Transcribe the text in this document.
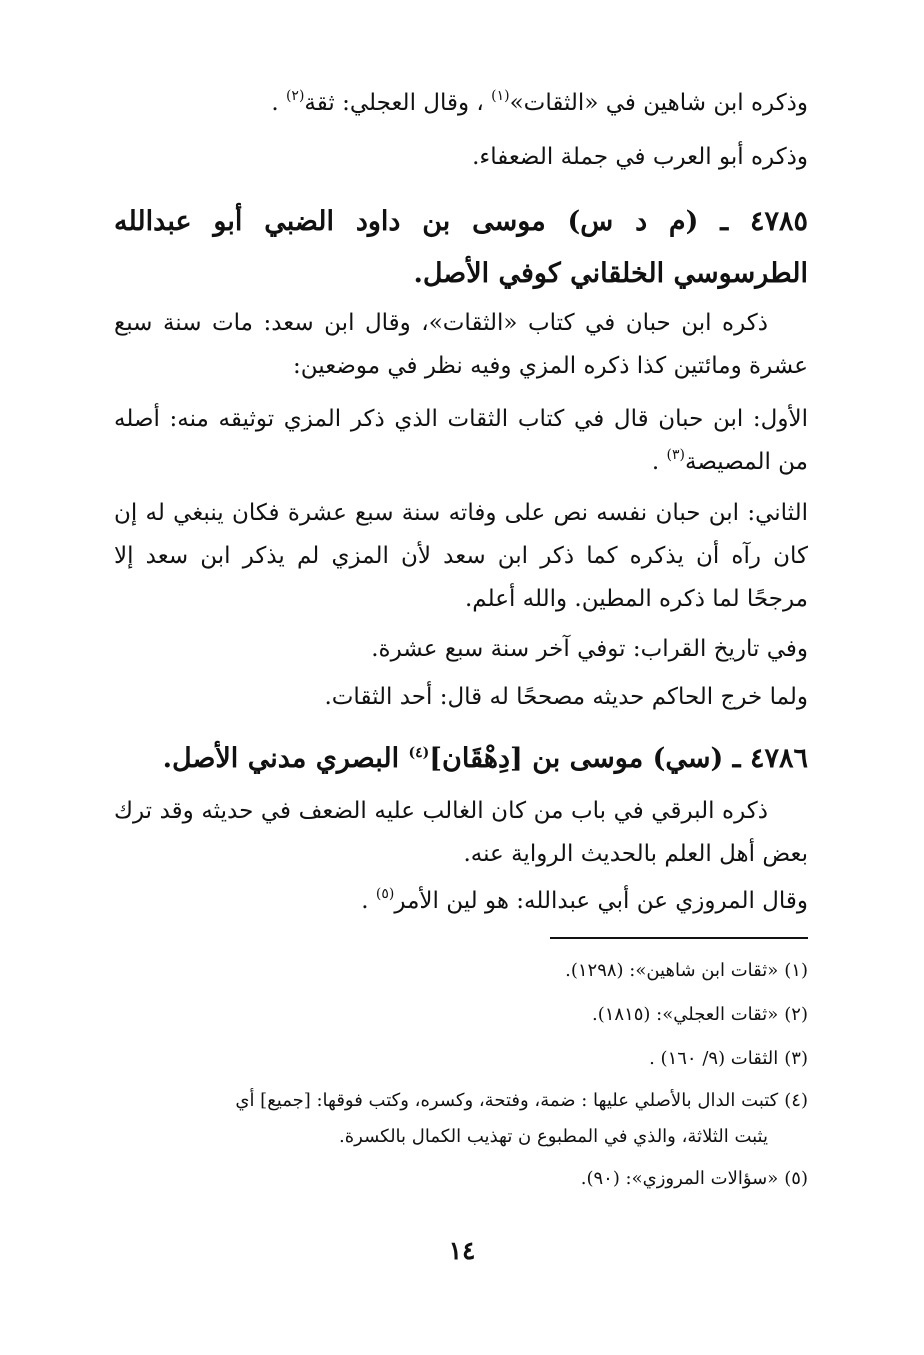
وذكره ابن شاهين في «الثقات»$^{(١)}$ ، وقال العجلي: ثقة$^{(٢)}$ .

وذكره أبو العرب في جملة الضعفاء.

٤٧٨٥ ـ (م د س) موسى بن داود الضبي أبو عبدالله الطرسوسي الخلقاني كوفي الأصل.

ذكره ابن حبان في كتاب «الثقات»، وقال ابن سعد: مات سنة سبع عشرة ومائتين كذا ذكره المزي وفيه نظر في موضعين:

الأول: ابن حبان قال في كتاب الثقات الذي ذكر المزي توثيقه منه: أصله من المصيصة$^{(٣)}$ .

الثاني: ابن حبان نفسه نص على وفاته سنة سبع عشرة فكان ينبغي له إن كان رآه أن يذكره كما ذكر ابن سعد لأن المزي لم يذكر ابن سعد إلا مرجحًا لما ذكره المطين. والله أعلم.

وفي تاريخ القراب: توفي آخر سنة سبع عشرة.

ولما خرج الحاكم حديثه مصححًا له قال: أحد الثقات.

٤٧٨٦ ـ (سي) موسى بن [دِهْقَان]$^{(٤)}$ البصري مدني الأصل.

ذكره البرقي في باب من كان الغالب عليه الضعف في حديثه وقد ترك بعض أهل العلم بالحديث الرواية عنه.

وقال المروزي عن أبي عبدالله: هو لين الأمر$^{(٥)}$ .

(١)«ثقات ابن شاهين»: (١٢٩٨).

(٢)«ثقات العجلي»: (١٨١٥).

(٣)الثقات (٩/ ١٦٠) .

(٤)كتبت الدال بالأصلي عليها : ضمة، وفتحة، وكسره، وكتب فوقها: [جميع] أي

يثبت الثلاثة، والذي في المطبوع ن تهذيب الكمال بالكسرة.

(٥)«سؤالات المروزي»: (٩٠).

١٤
